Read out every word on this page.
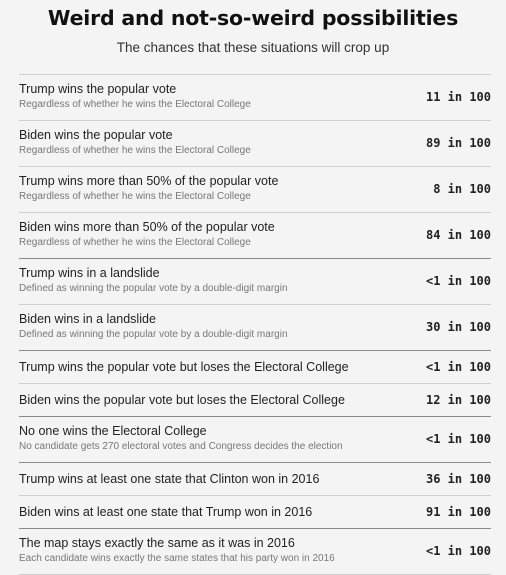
Weird and not-so-weird possibilities
The chances that these situations will crop up
Trump wins the popular vote
Regardless of whether he wins the Electoral College
11 in 100
Biden wins the popular vote
Regardless of whether he wins the Electoral College
89 in 100
Trump wins more than 50% of the popular vote
Regardless of whether he wins the Electoral College
8 in 100
Biden wins more than 50% of the popular vote
Regardless of whether he wins the Electoral College
84 in 100
Trump wins in a landslide
Defined as winning the popular vote by a double-digit margin
<1 in 100
Biden wins in a landslide
Defined as winning the popular vote by a double-digit margin
30 in 100
Trump wins the popular vote but loses the Electoral College	<1 in 100
Biden wins the popular vote but loses the Electoral College	12 in 100
No one wins the Electoral College
No candidate gets 270 electoral votes and Congress decides the election
<1 in 100
Trump wins at least one state that Clinton won in 2016	36 in 100
Biden wins at least one state that Trump won in 2016	91 in 100
The map stays exactly the same as it was in 2016
Each candidate wins exactly the same states that his party won in 2016
<1 in 100
